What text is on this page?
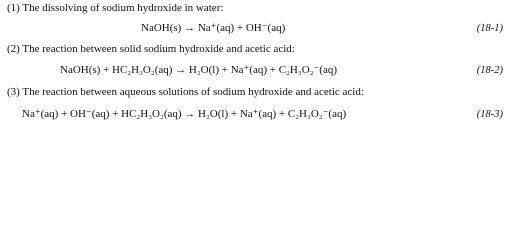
(1) The dissolving of sodium hydroxide in water:
NaOH(s) → Na⁺(aq) + OH⁻(aq)	(18-1)
(2) The reaction between solid sodium hydroxide and acetic acid:
NaOH(s) + HC₂H₃O₂(aq) → H₂O(l) + Na⁺(aq) + C₂H₃O₂⁻(aq)	(18-2)
(3) The reaction between aqueous solutions of sodium hydroxide and acetic acid:
Na⁺(aq) + OH⁻(aq) + HC₂H₃O₂(aq) → H₂O(l) + Na⁺(aq) + C₂H₃O₂⁻(aq)	(18-3)
